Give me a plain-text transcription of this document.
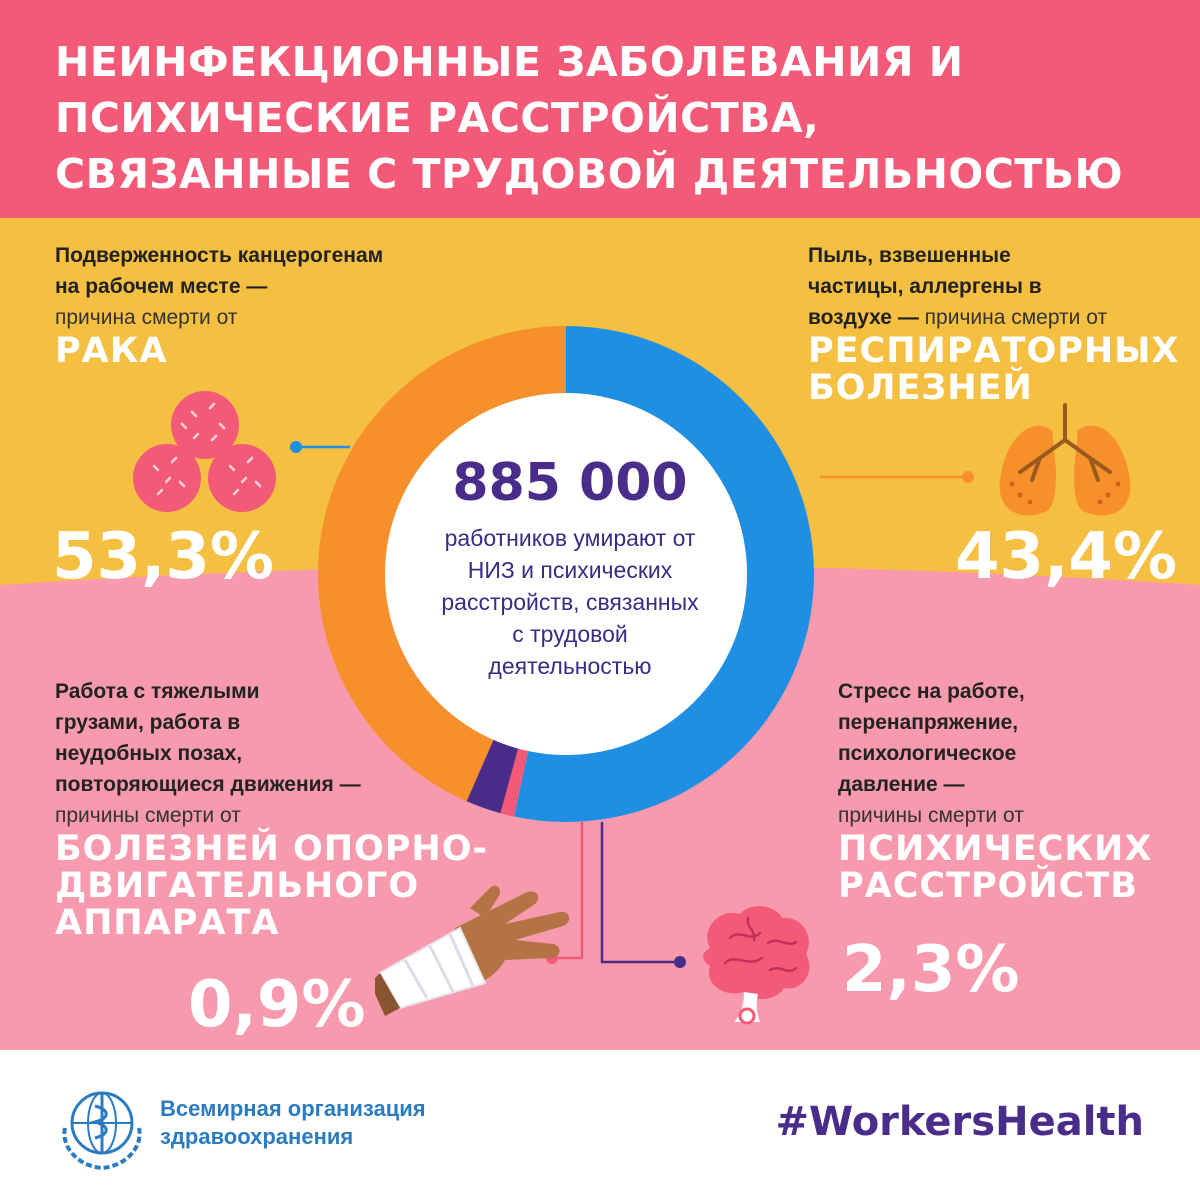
НЕИНФЕКЦИОННЫЕ ЗАБОЛЕВАНИЯ И
ПСИХИЧЕСКИЕ РАССТРОЙСТВА,
СВЯЗАННЫЕ С ТРУДОВОЙ ДЕЯТЕЛЬНОСТЬЮ
885 000
работников умирают от
НИЗ и психических
расстройств, связанных
с трудовой
деятельностью
Подверженность канцерогенам
на рабочем месте —
причина смерти от
РАКА
53,3%
Пыль, взвешенные
частицы, аллергены в
воздухе — причина смерти от
РЕСПИРАТОРНЫХ
БОЛЕЗНЕЙ
43,4%
Работа с тяжелыми
грузами, работа в
неудобных позах,
повторяющиеся движения —
причины смерти от
БОЛЕЗНЕЙ ОПОРНО-
ДВИГАТЕЛЬНОГО
АППАРАТА
0,9%
Стресс на работе,
перенапряжение,
психологическое
давление —
причины смерти от
ПСИХИЧЕСКИХ
РАССТРОЙСТВ
2,3%
Всемирная организация
здравоохранения	#WorkersHealth
